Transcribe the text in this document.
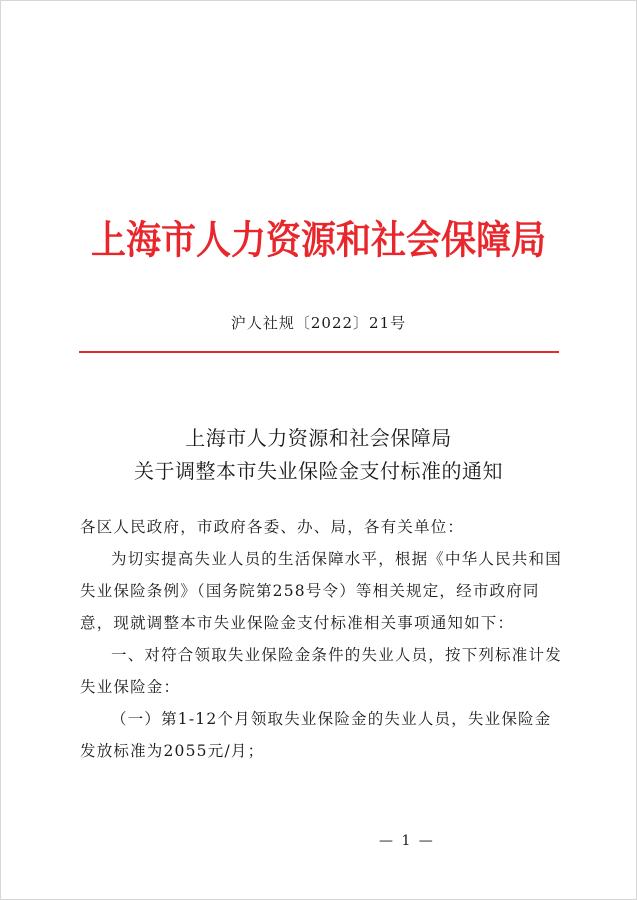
上海市人力资源和社会保障局
沪人社规〔2022〕21号
上海市人力资源和社会保障局
关于调整本市失业保险金支付标准的通知
各区人民政府，市政府各委、办、局，各有关单位：
为切实提高失业人员的生活保障水平，根据《中华人民共和国失业保险条例》（国务院第258号令）等相关规定，经市政府同意，现就调整本市失业保险金支付标准相关事项通知如下：
一、对符合领取失业保险金条件的失业人员，按下列标准计发失业保险金：
（一）第1-12个月领取失业保险金的失业人员，失业保险金发放标准为2055元/月；
— 1 —
